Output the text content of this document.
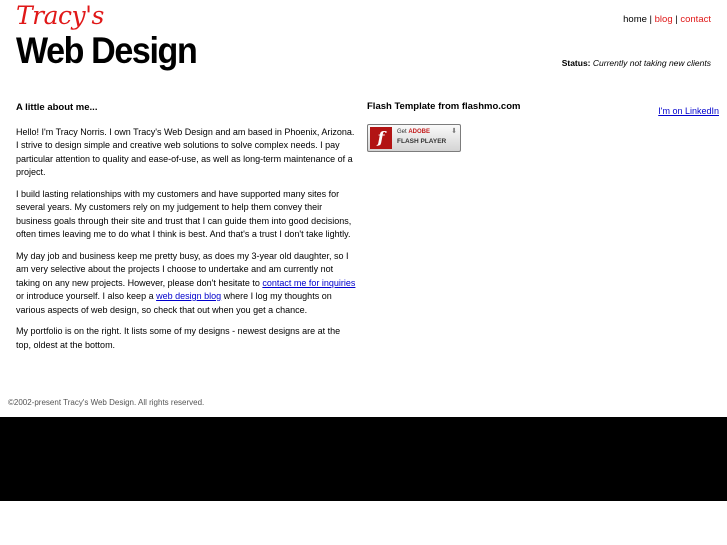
Tracy's
Web Design
home | blog | contact
Status: Currently not taking new clients
A little about me...

Hello! I'm Tracy Norris. I own Tracy's Web Design and am based in Phoenix, Arizona. I strive to design simple and creative web solutions to solve complex needs. I pay particular attention to quality and ease-of-use, as well as long-term maintenance of a project.

I build lasting relationships with my customers and have supported many sites for several years. My customers rely on my judgement to help them convey their business goals through their site and trust that I can guide them into good decisions, often times leaving me to do what I think is best. And that's a trust I don't take lightly.

My day job and business keep me pretty busy, as does my 3-year old daughter, so I am very selective about the projects I choose to undertake and am currently not taking on any new projects. However, please don't hesitate to contact me for inquiries or introduce yourself. I also keep a web design blog where I log my thoughts on various aspects of web design, so check that out when you get a chance.

My portfolio is on the right. It lists some of my designs - newest designs are at the top, oldest at the bottom.

Flash Template from flashmo.com
f	Get ADOBE
FLASH PLAYER
⬇
I'm on LinkedIn
©2002-present Tracy's Web Design. All rights reserved.
